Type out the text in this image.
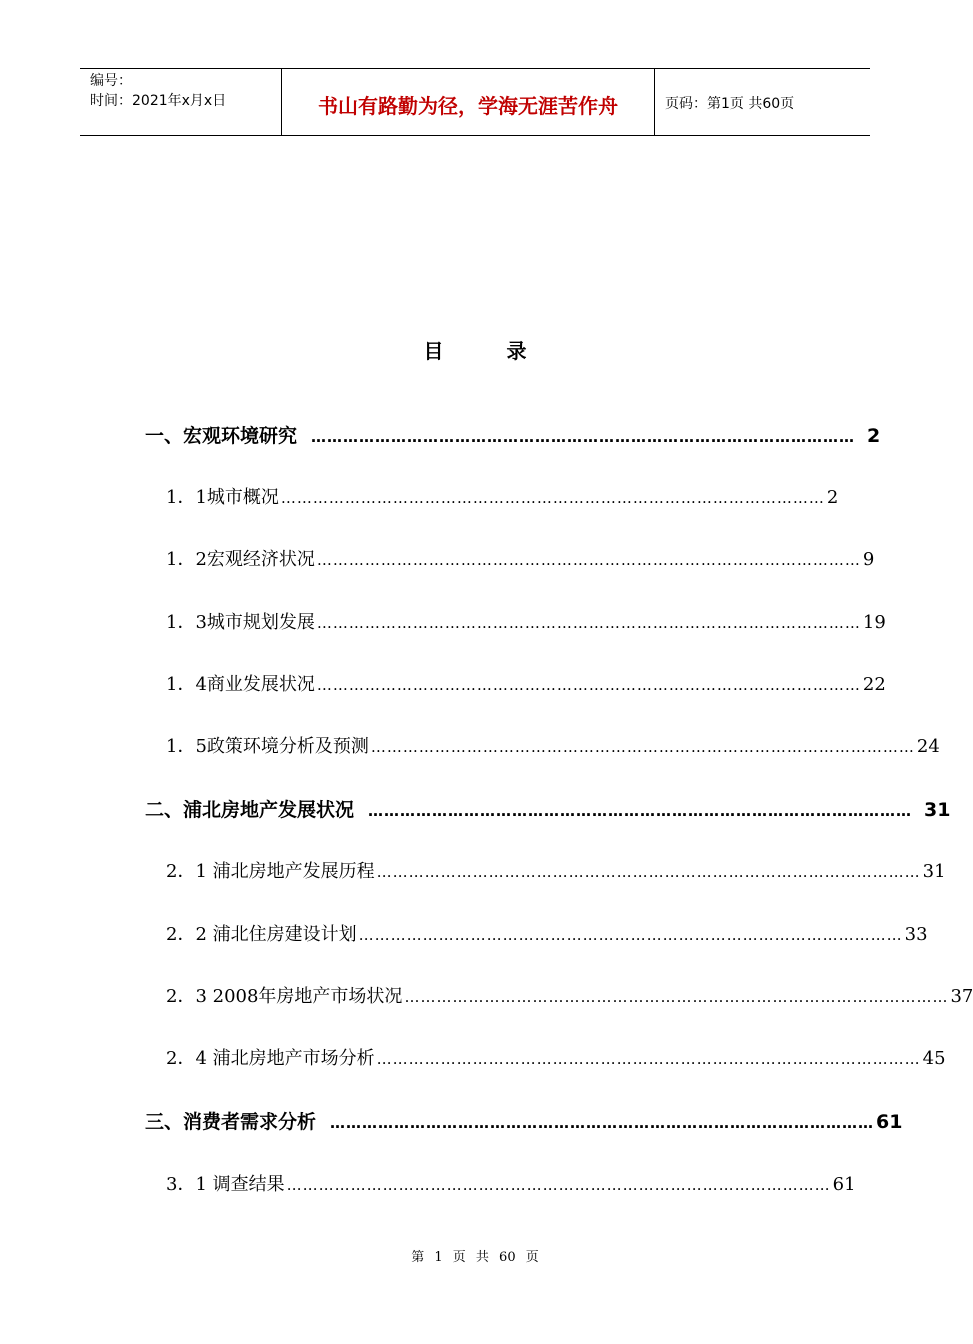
编号：
时间：2021年x月x日	书山有路勤为径，学海无涯苦作舟	页码：第1页 共60页
目 录
一、宏观环境研究 ………………………………………………………………………………………… 2
1．1城市概况 ………………………………………………………………………………………… 2
1．2宏观经济状况 ………………………………………………………………………………………… 9
1．3城市规划发展 ………………………………………………………………………………………… 19
1．4商业发展状况 ………………………………………………………………………………………… 22
1．5政策环境分析及预测 ………………………………………………………………………………………… 24
二、浦北房地产发展状况 ………………………………………………………………………………………… 31
2．1 浦北房地产发展历程 ………………………………………………………………………………………… 31
2．2 浦北住房建设计划 ………………………………………………………………………………………… 33
2．3 2008年房地产市场状况 ………………………………………………………………………………………… 37
2．4 浦北房地产市场分析 ………………………………………………………………………………………… 45
三、消费者需求分析 ………………………………………………………………………………………… 61
3．1 调查结果 ………………………………………………………………………………………… 61
第 1 页 共 60 页
